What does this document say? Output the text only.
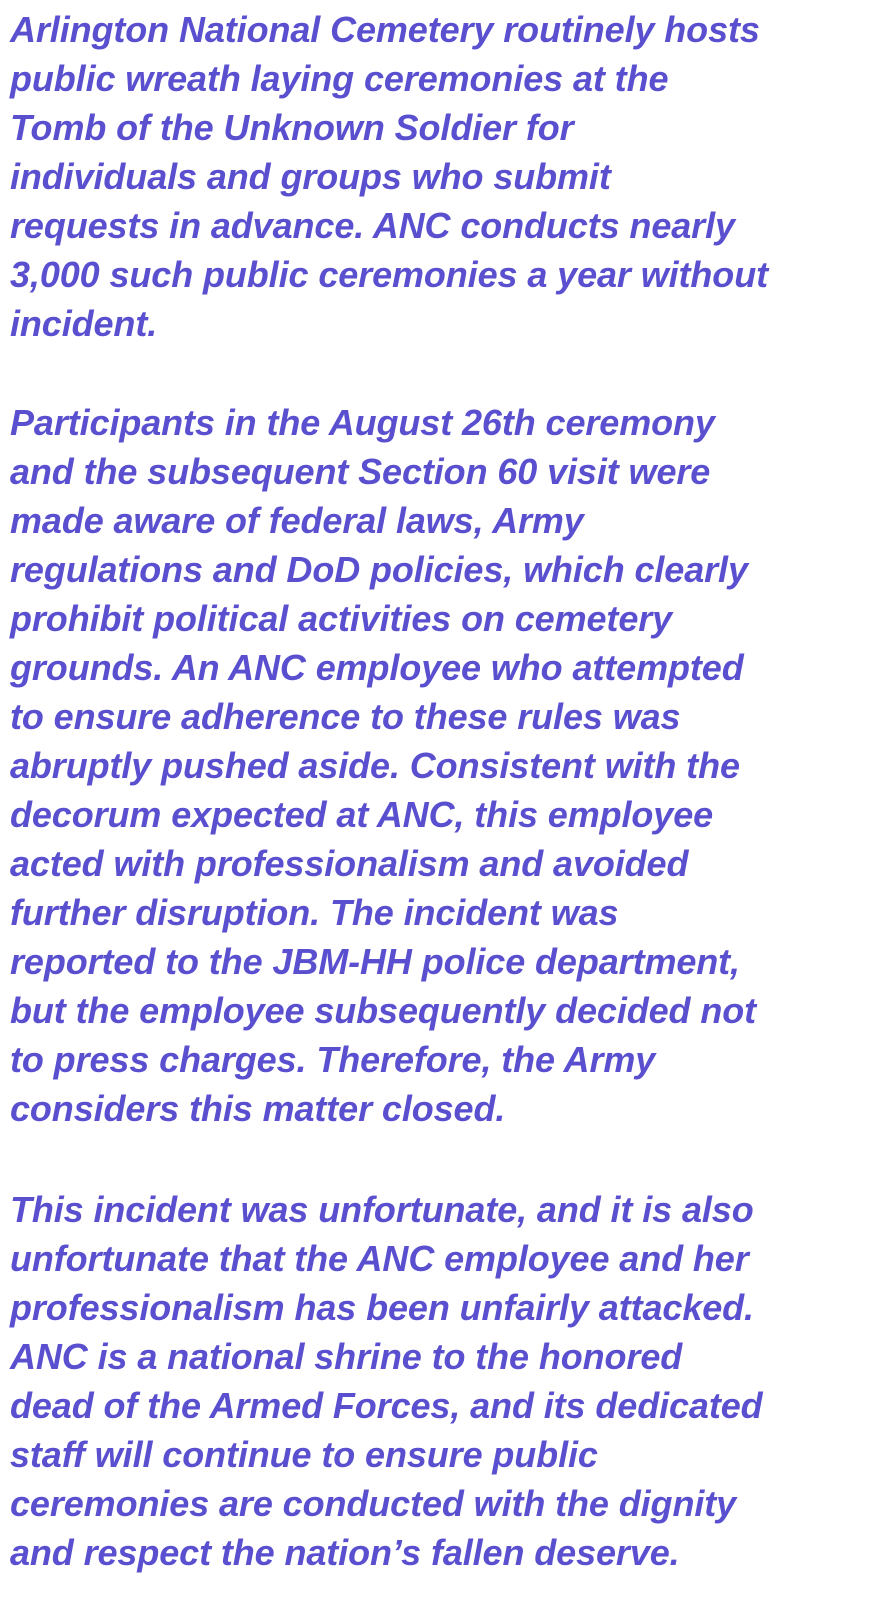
Arlington National Cemetery routinely hosts
public wreath laying ceremonies at the
Tomb of the Unknown Soldier for
individuals and groups who submit
requests in advance. ANC conducts nearly
3,000 such public ceremonies a year without
incident.

Participants in the August 26th ceremony
and the subsequent Section 60 visit were
made aware of federal laws, Army
regulations and DoD policies, which clearly
prohibit political activities on cemetery
grounds. An ANC employee who attempted
to ensure adherence to these rules was
abruptly pushed aside. Consistent with the
decorum expected at ANC, this employee
acted with professionalism and avoided
further disruption. The incident was
reported to the JBM-HH police department,
but the employee subsequently decided not
to press charges. Therefore, the Army
considers this matter closed.

This incident was unfortunate, and it is also
unfortunate that the ANC employee and her
professionalism has been unfairly attacked.
ANC is a national shrine to the honored
dead of the Armed Forces, and its dedicated
staff will continue to ensure public
ceremonies are conducted with the dignity
and respect the nation’s fallen deserve.
